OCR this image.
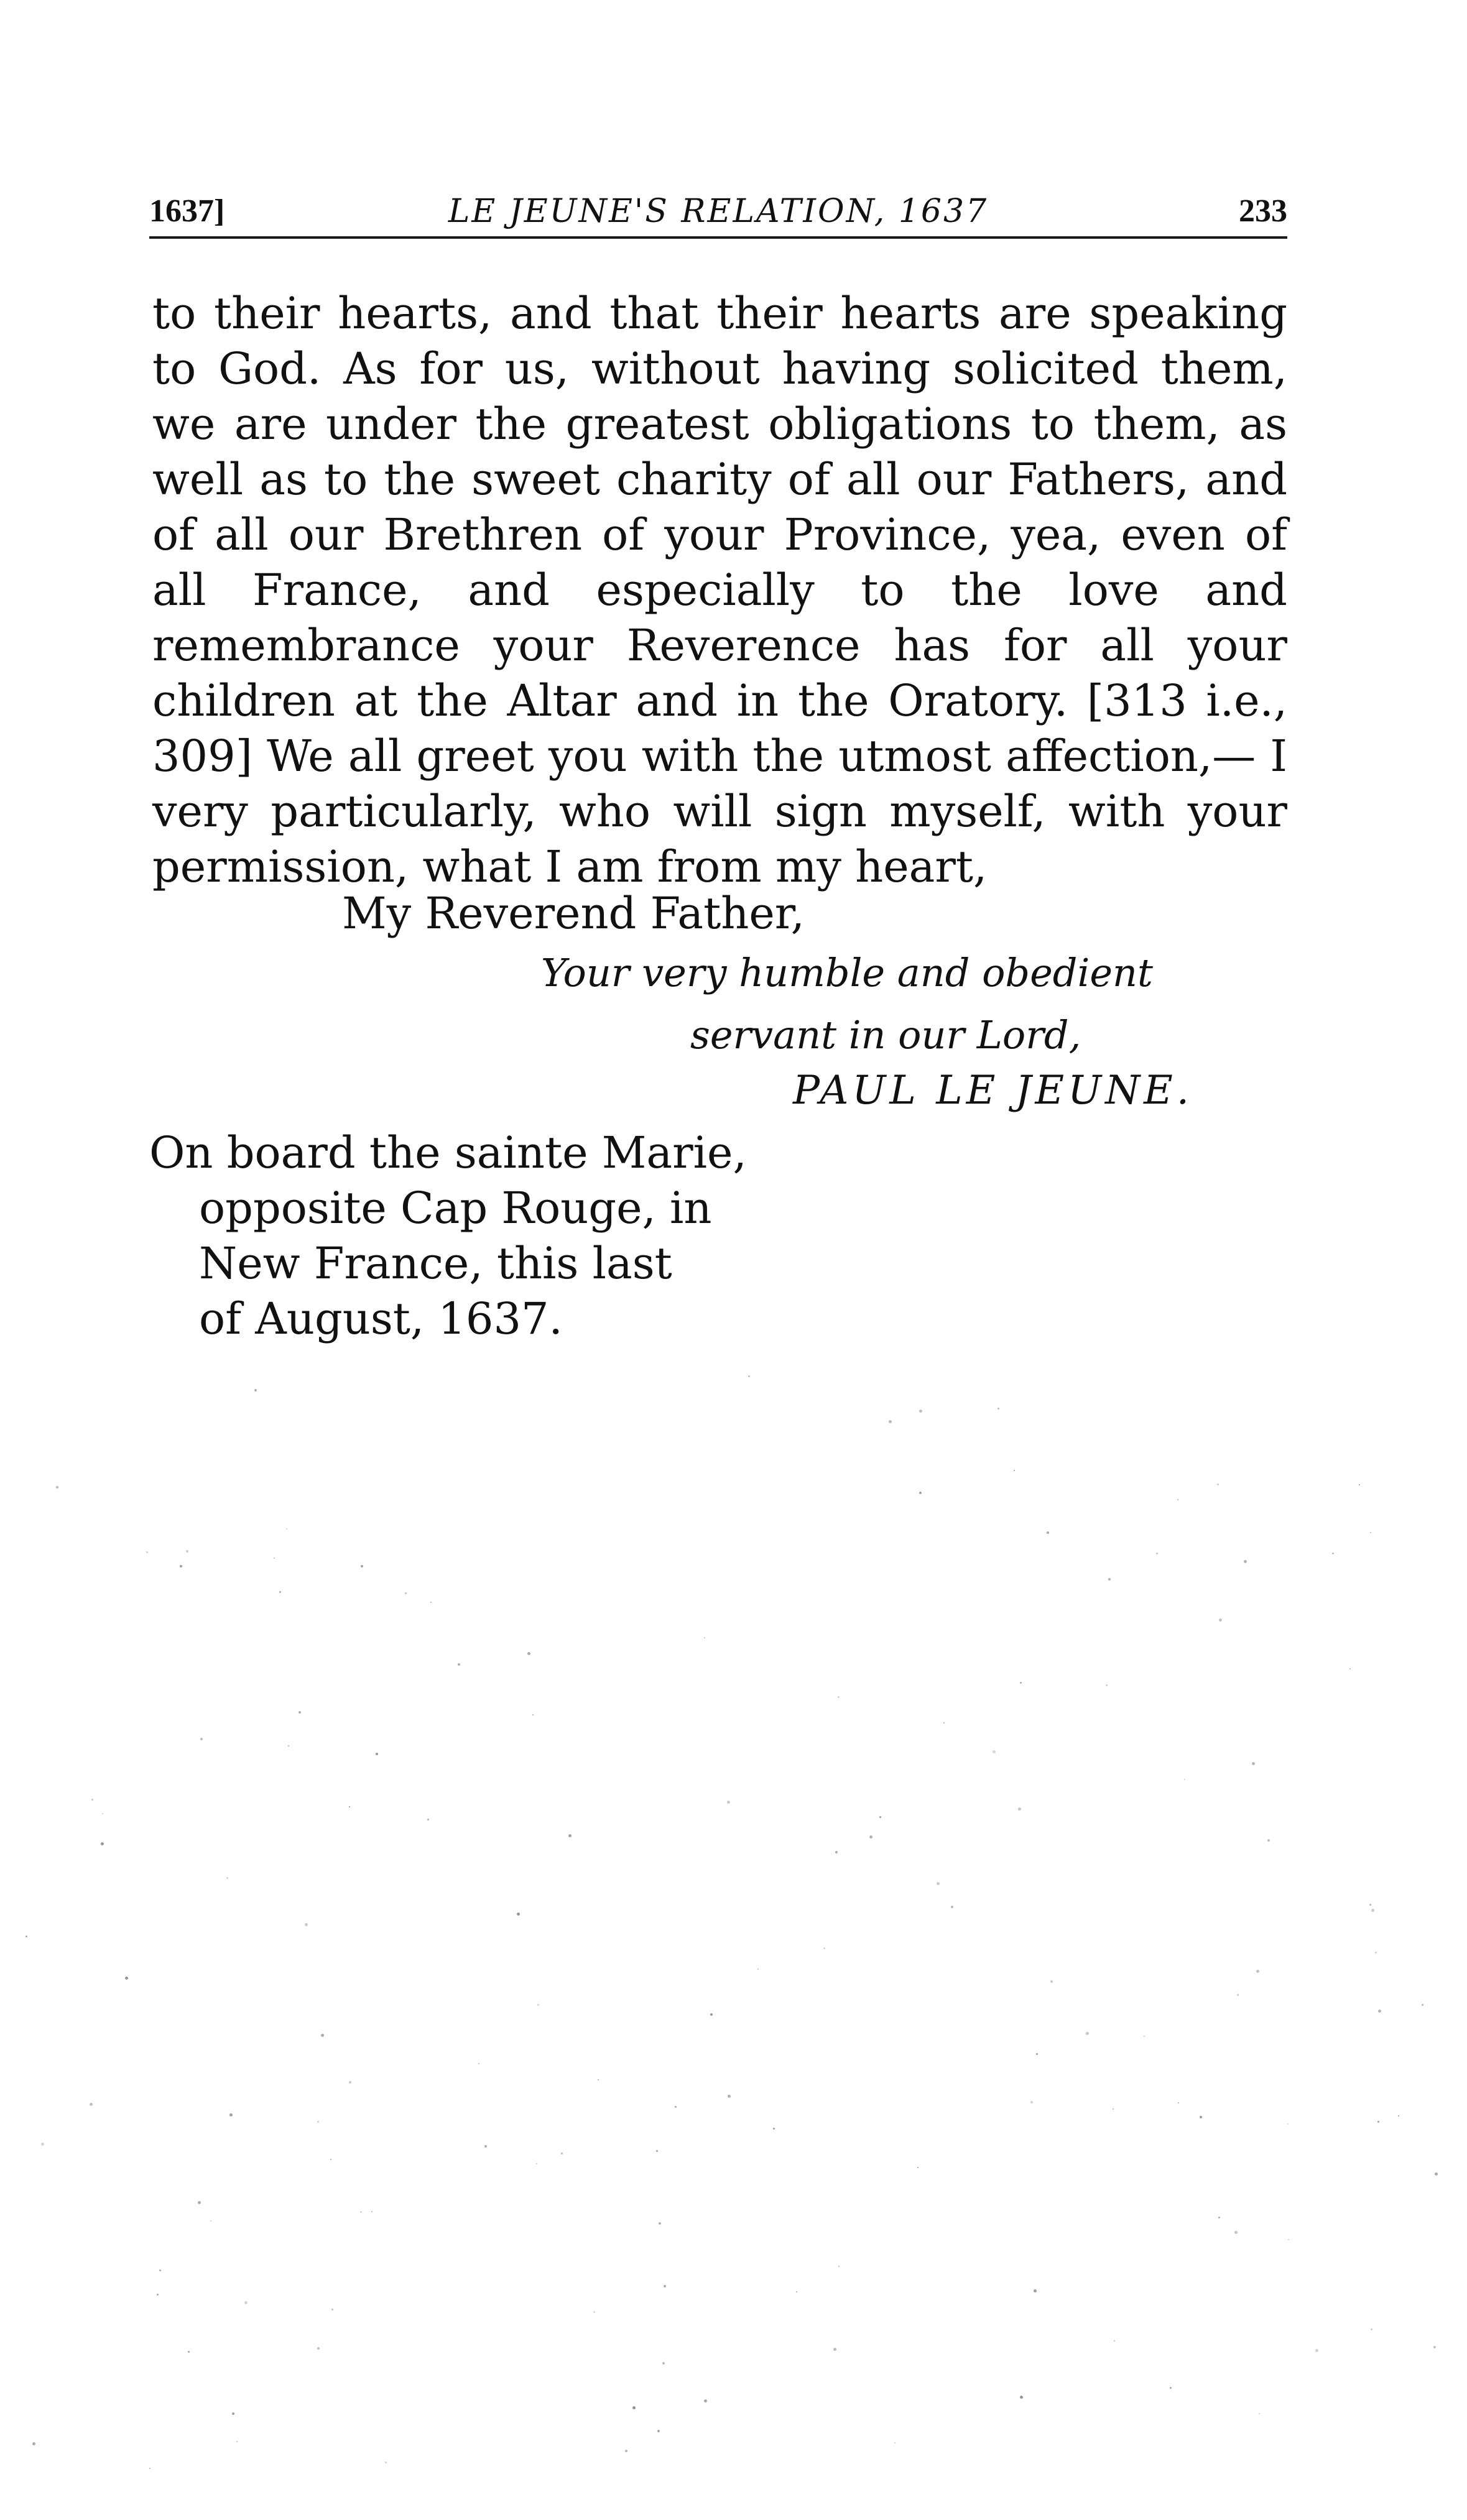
1637]	LE JEUNE'S RELATION, 1637	233

to their hearts, and that their hearts are speaking to God. As for us, without having solicited them, we are under the greatest obligations to them, as well as to the sweet charity of all our Fathers, and of all our Brethren of your Province, yea, even of all France, and especially to the love and remembrance your Reverence has for all your children at the Altar and in the Oratory. [313 i.e., 309] We all greet you with the utmost affection,— I very particularly, who will sign myself, with your permission, what I am from my heart,

My Reverend Father,
Your very humble and obedient
servant in our Lord,
PAUL LE JEUNE.
On board the sainte Marie,
opposite Cap Rouge, in
New France, this last
of August, 1637.
